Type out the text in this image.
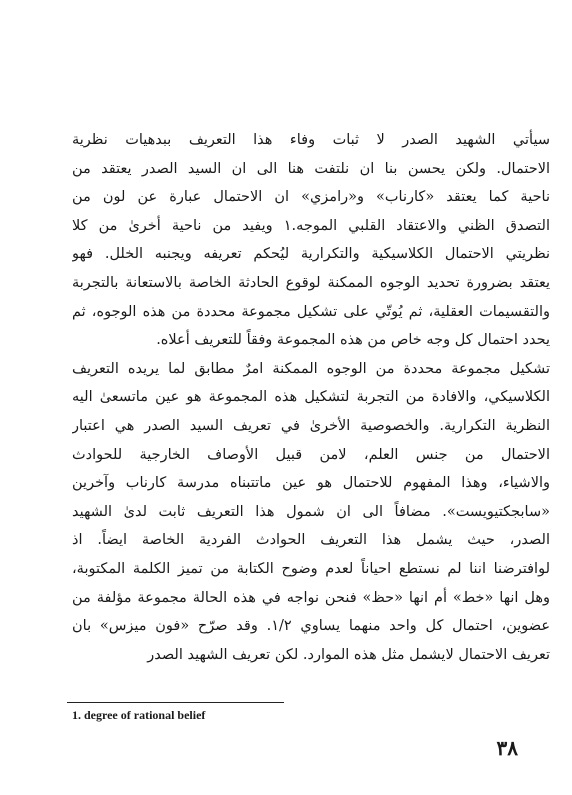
سيأتي الشهيد الصدر لا ثبات وفاء هذا التعريف ببدهيات نظرية
الاحتمال. ولكن يحسن بنا ان نلتفت هنا الى ان السيد الصدر يعتقد من
ناحية كما يعتقد «كارناب» و«رامزي» ان الاحتمال عبارة عن لون من
التصدق الظني والاعتقاد القلبي الموجه.١ ويفيد من ناحية أخرىٰ من كلا
نظريتي الاحتمال الكلاسيكية والتكرارية ليُحكم تعريفه ويجنبه الخلل. فهو
يعتقد بضرورة تحديد الوجوه الممكنة لوقوع الحادثة الخاصة بالاستعانة بالتجربة
والتقسيمات العقلية، ثم يُوتّي على تشكيل مجموعة محددة من هذه الوجوه، ثم
يحدد احتمال كل وجه خاص من هذه المجموعة وفقاً للتعريف أعلاه.
تشكيل مجموعة محددة من الوجوه الممكنة امرٌ مطابق لما يريده التعريف
الكلاسيكي، والافادة من التجربة لتشكيل هذه المجموعة هو عين ماتسعىٰ اليه
النظرية التكرارية. والخصوصية الأخرىٰ في تعريف السيد الصدر هي اعتبار
الاحتمال من جنس العلم، لامن قبيل الأوصاف الخارجية للحوادث
والاشياء، وهذا المفهوم للاحتمال هو عين ماتتبناه مدرسة كارناب وآخرين
«سابجكتيويست». مضافاً الى ان شمول هذا التعريف ثابت لدىٰ الشهيد
الصدر، حيث يشمل هذا التعريف الحوادث الفردية الخاصة ايضاً. اذ
لوافترضنا اننا لم نستطع احياناً لعدم وضوح الكتابة من تميز الكلمة المكتوبة،
وهل انها «خط» أم انها «حظ» فنحن نواجه في هذه الحالة مجموعة مؤلفة من
عضوين، احتمال كل واحد منهما يساوي ١/٢. وقد صرّح «فون ميزس» بان
تعريف الاحتمال لايشمل مثل هذه الموارد. لكن تعريف الشهيد الصدر
1. degree of rational belief
٣٨
